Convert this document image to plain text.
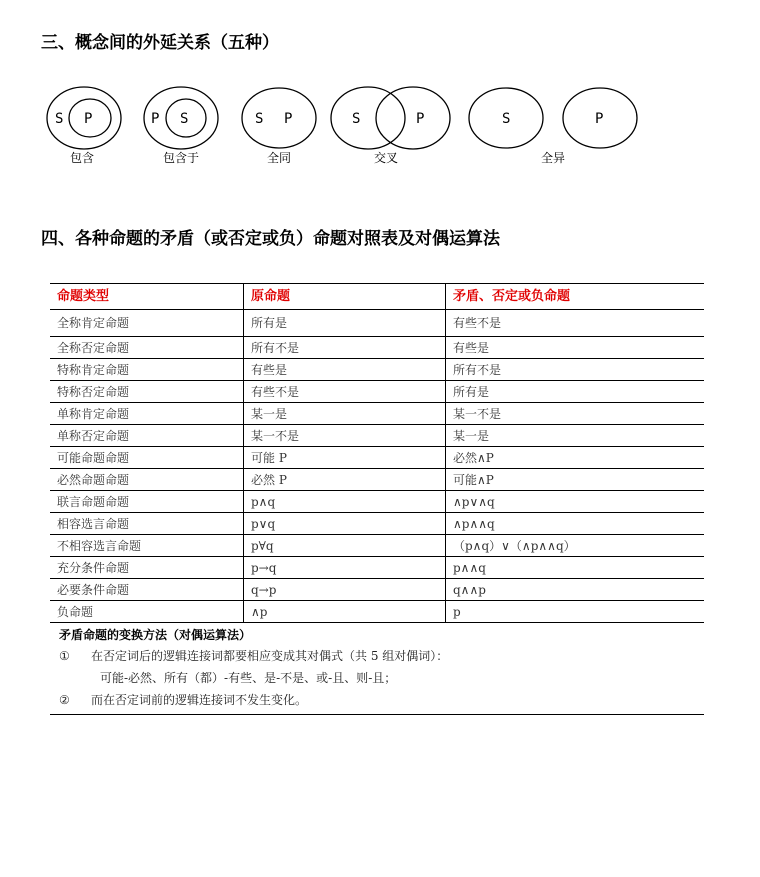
三、概念间的外延关系（五种）
S P	P S	S P	S	P	S	P
包含	包含于	全同	交叉	全异
四、各种命题的矛盾（或否定或负）命题对照表及对偶运算法
命题类型	原命题	矛盾、否定或负命题
全称肯定命题	所有是	有些不是
全称否定命题	所有不是	有些是
特称肯定命题	有些是	所有不是
特称否定命题	有些不是	所有是
单称肯定命题	某一是	某一不是
单称否定命题	某一不是	某一是
可能命题命题	可能 P	必然∧P
必然命题命题	必然 P	可能∧P
联言命题命题	p∧q	∧p∨∧q
相容选言命题	p∨q	∧p∧∧q
不相容选言命题	p∀q	（p∧q）∨（∧p∧∧q）
充分条件命题	p→q	p∧∧q
必要条件命题	q→p	q∧∧p
负命题	∧p	p

矛盾命题的变换方法（对偶运算法）
① 在否定词后的逻辑连接词都要相应变成其对偶式（共 5 组对偶词）：
可能-必然、所有（都）-有些、是-不是、或-且、则-且；
② 而在否定词前的逻辑连接词不发生变化。		
